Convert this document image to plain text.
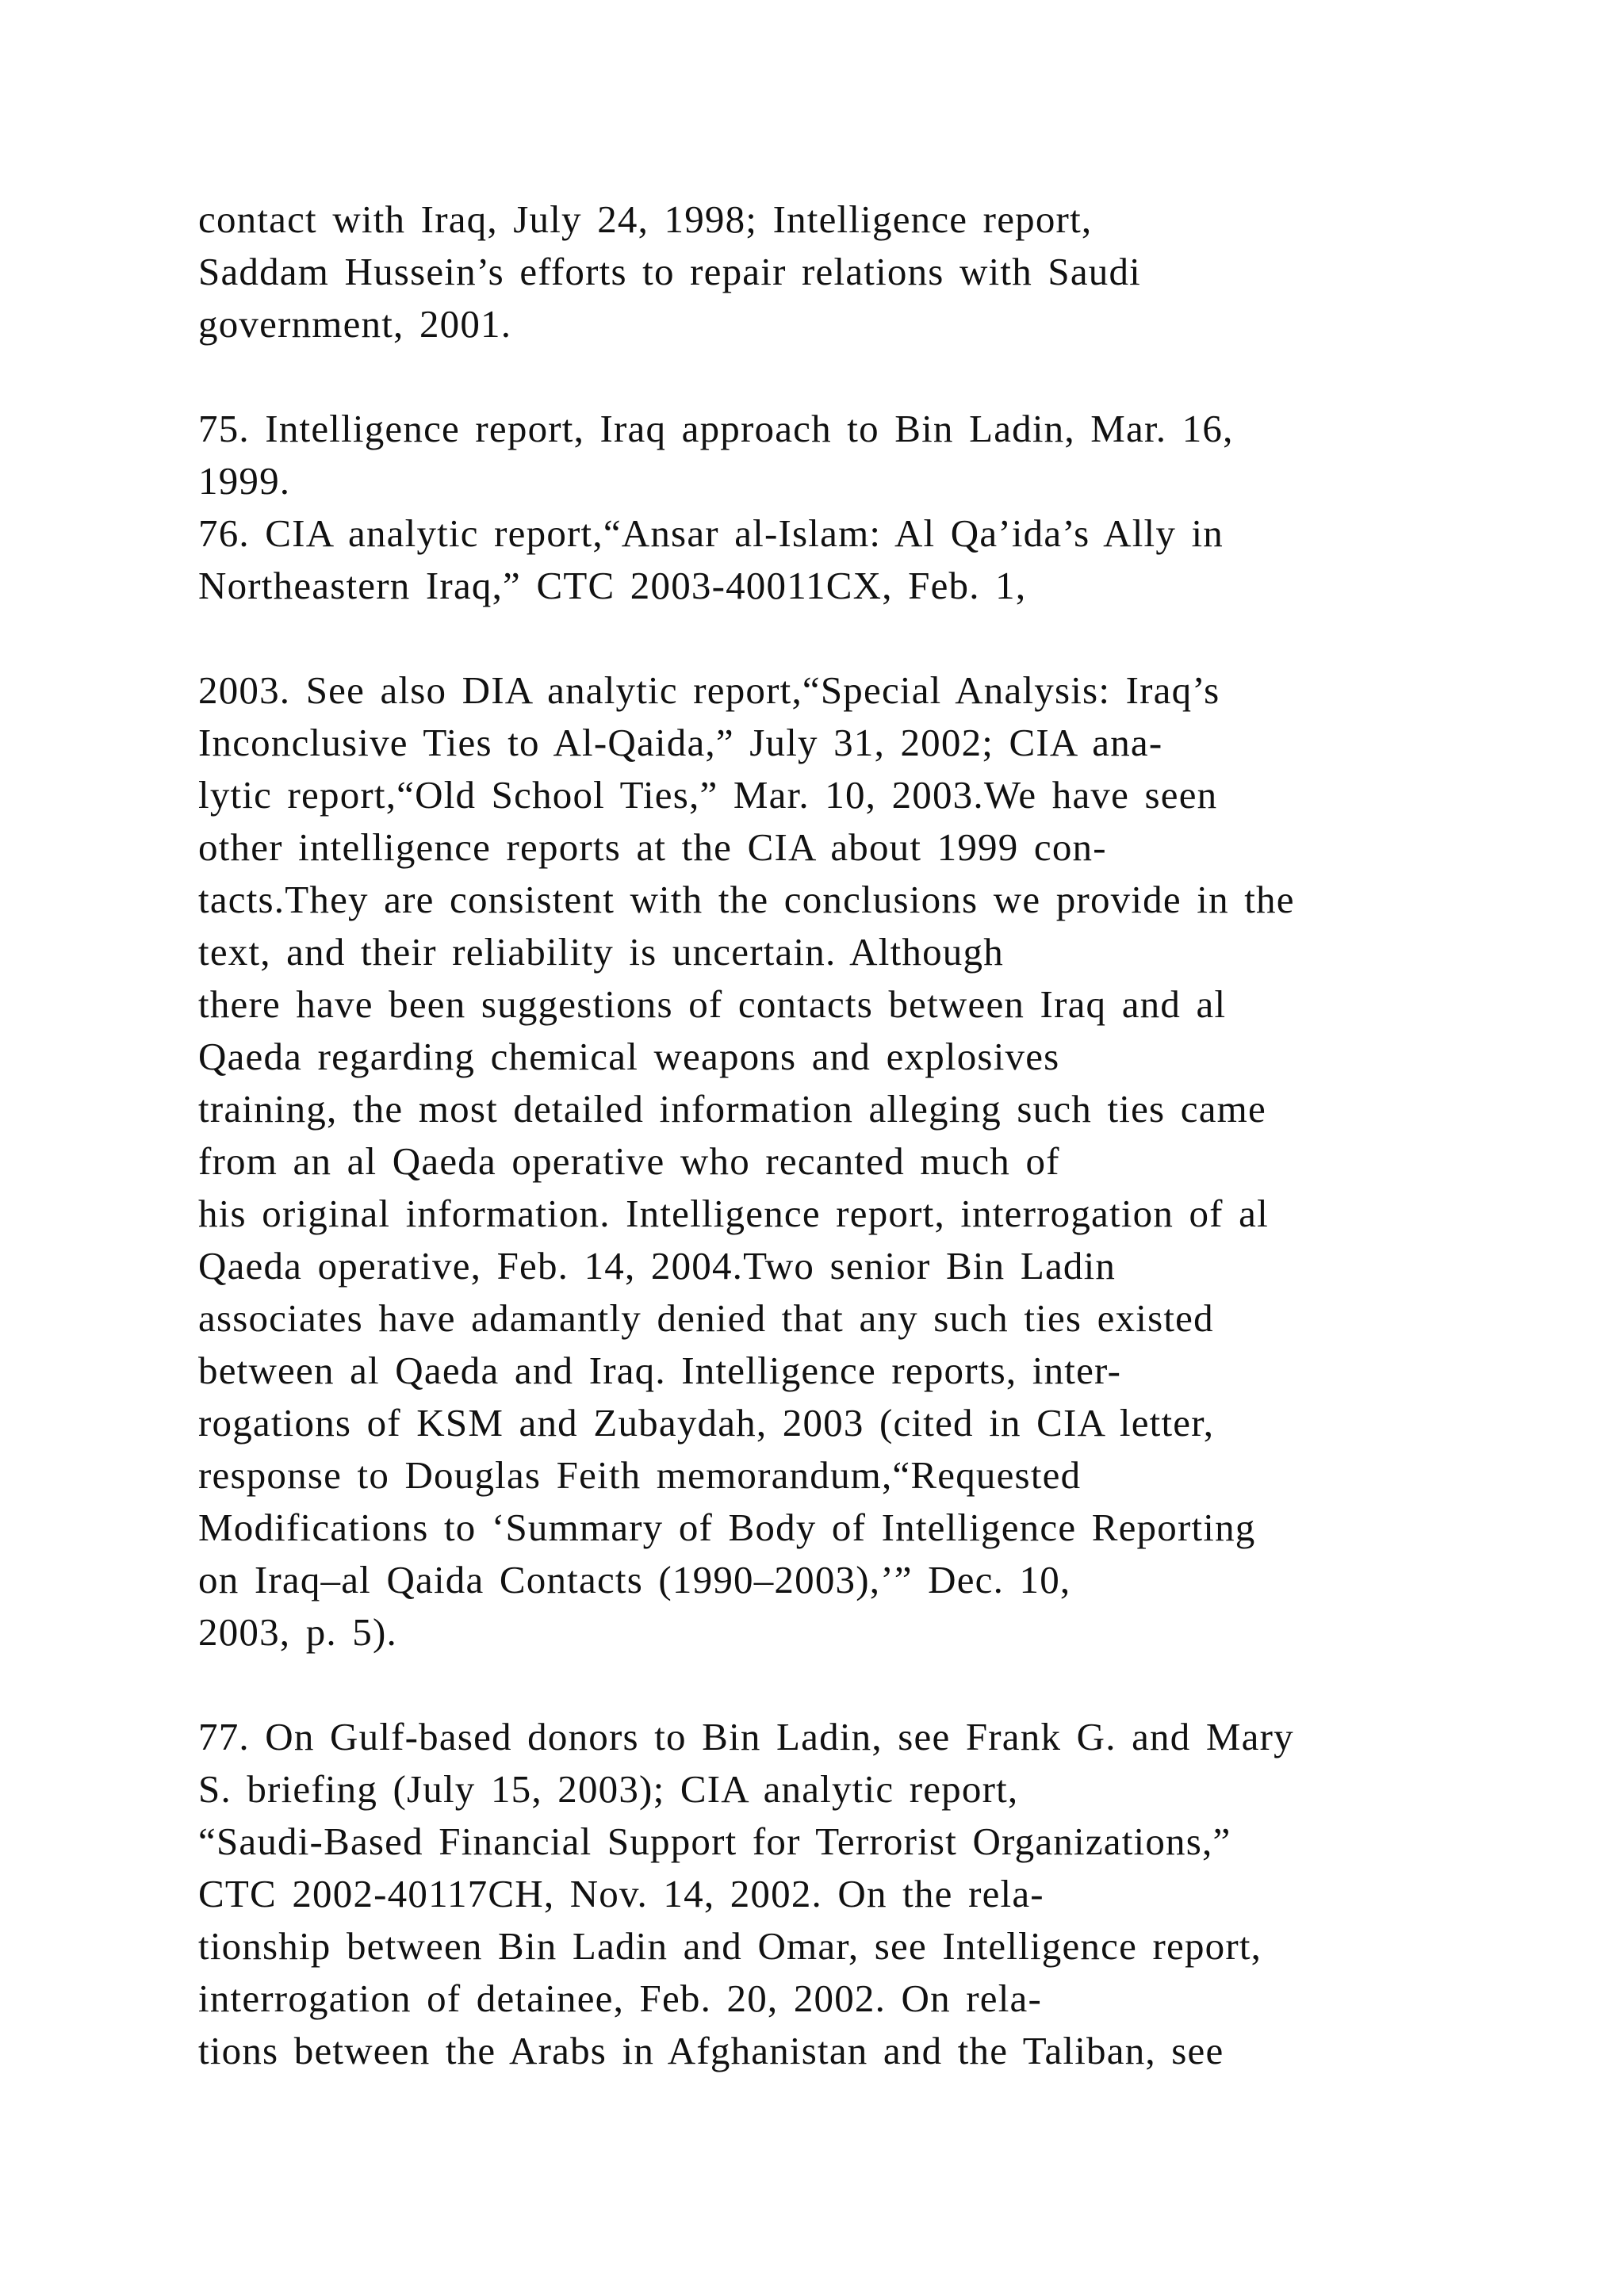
contact with Iraq, July 24, 1998; Intelligence report,
Saddam Hussein’s efforts to repair relations with Saudi
government, 2001.
75. Intelligence report, Iraq approach to Bin Ladin, Mar. 16,
1999.
76. CIA analytic report,“Ansar al-Islam: Al Qa’ida’s Ally in
Northeastern Iraq,” CTC 2003-40011CX, Feb. 1,
2003. See also DIA analytic report,“Special Analysis: Iraq’s
Inconclusive Ties to Al-Qaida,” July 31, 2002; CIA ana-
lytic report,“Old School Ties,” Mar. 10, 2003.We have seen
other intelligence reports at the CIA about 1999 con-
tacts.They are consistent with the conclusions we provide in the
text, and their reliability is uncertain. Although
there have been suggestions of contacts between Iraq and al
Qaeda regarding chemical weapons and explosives
training, the most detailed information alleging such ties came
from an al Qaeda operative who recanted much of
his original information. Intelligence report, interrogation of al
Qaeda operative, Feb. 14, 2004.Two senior Bin Ladin
associates have adamantly denied that any such ties existed
between al Qaeda and Iraq. Intelligence reports, inter-
rogations of KSM and Zubaydah, 2003 (cited in CIA letter,
response to Douglas Feith memorandum,“Requested
Modifications to ‘Summary of Body of Intelligence Reporting
on Iraq–al Qaida Contacts (1990–2003),’” Dec. 10,
2003, p. 5).
77. On Gulf-based donors to Bin Ladin, see Frank G. and Mary
S. briefing (July 15, 2003); CIA analytic report,
“Saudi-Based Financial Support for Terrorist Organizations,”
CTC 2002-40117CH, Nov. 14, 2002. On the rela-
tionship between Bin Ladin and Omar, see Intelligence report,
interrogation of detainee, Feb. 20, 2002. On rela-
tions between the Arabs in Afghanistan and the Taliban, see
